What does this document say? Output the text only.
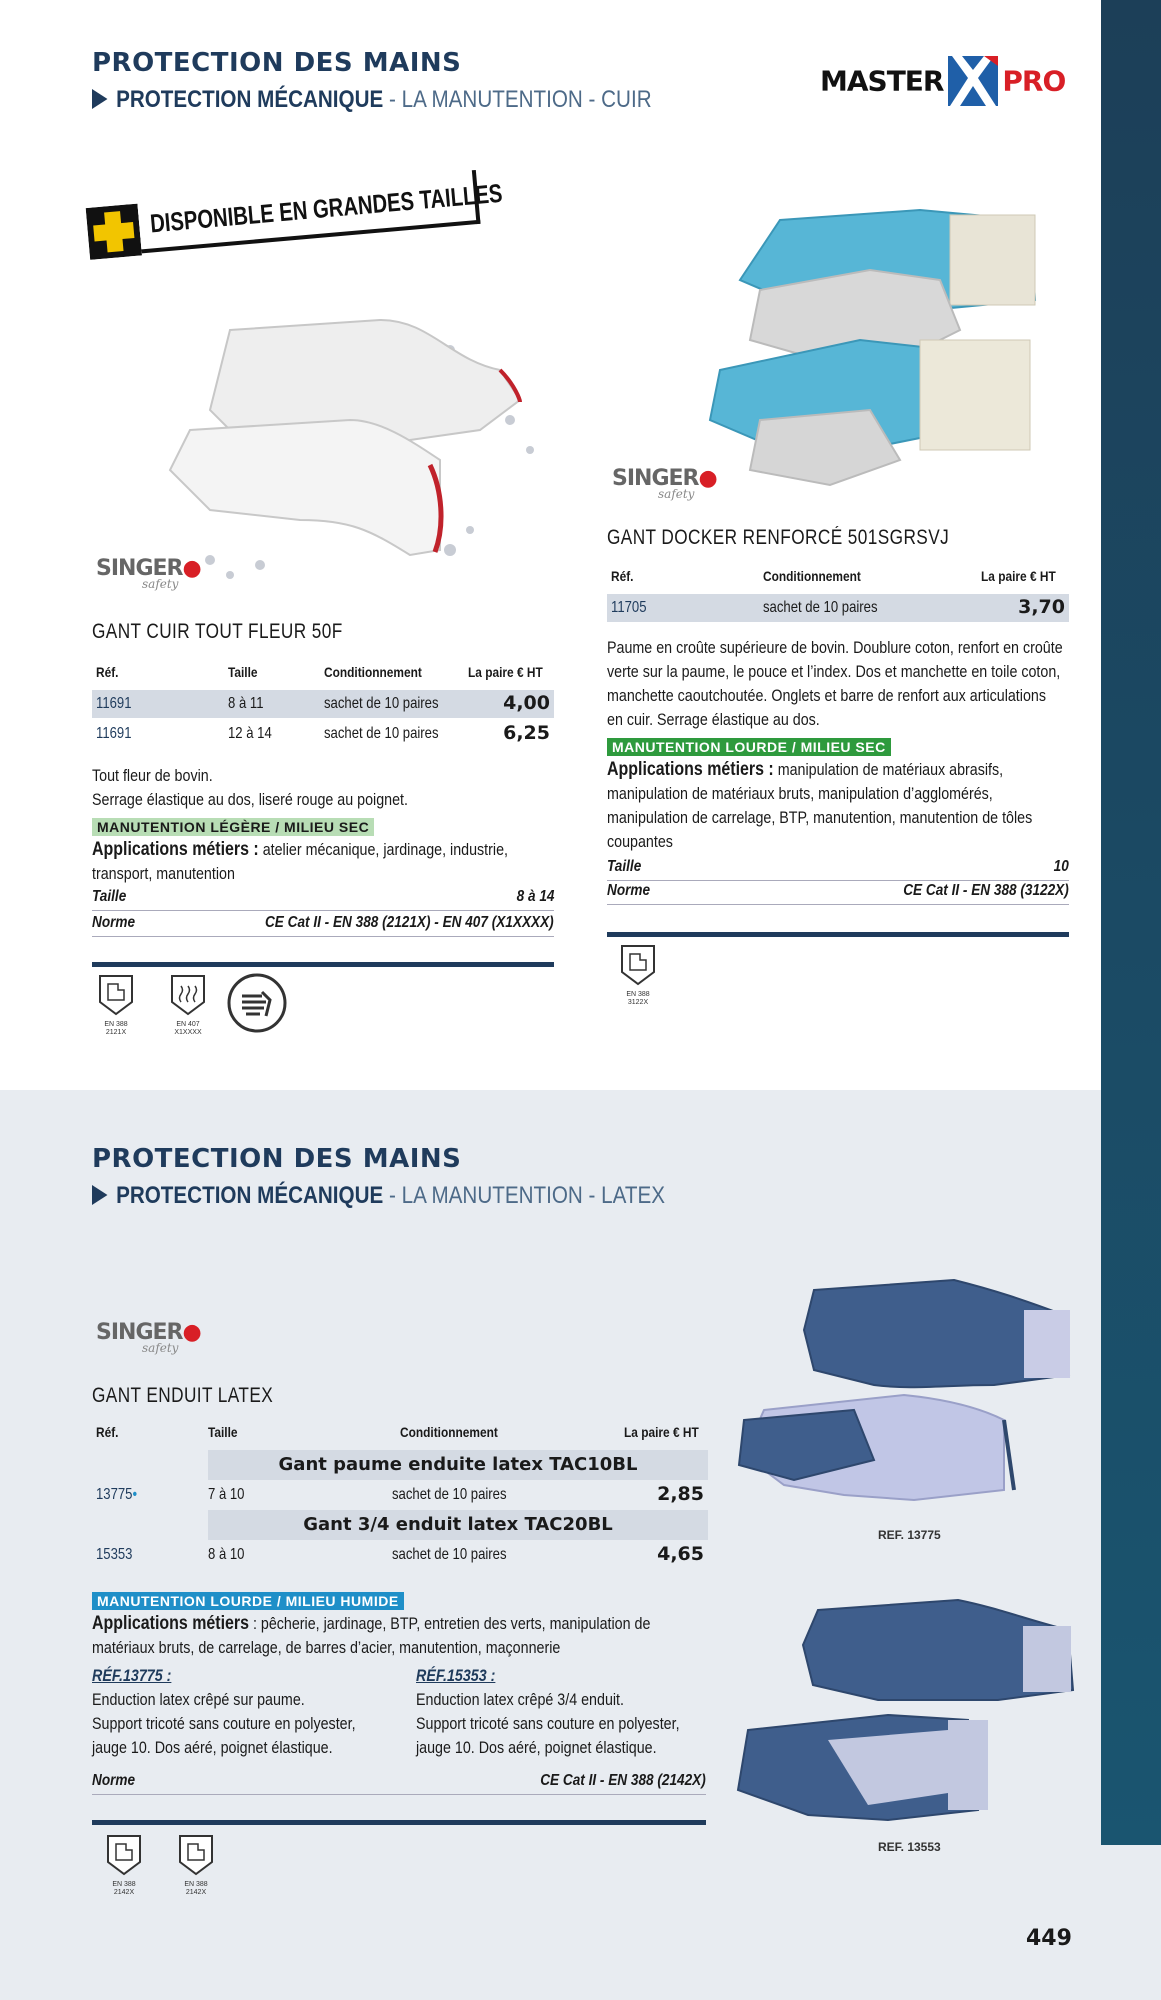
PROTECTION DES MAINS
PROTECTION MÉCANIQUE - LA MANUTENTION - CUIR
MASTER PRO
DISPONIBLE EN GRANDES TAILLES
SINGER●
safety
GANT CUIR TOUT FLEUR 50F
Réf.	Taille	Conditionnement	La paire € HT
11691	8 à 11	sachet de 10 paires	4,00
11691	12 à 14	sachet de 10 paires	6,25
Tout fleur de bovin.
Serrage élastique au dos, liseré rouge au poignet.
MANUTENTION LÉGÈRE / MILIEU SEC
Applications métiers : atelier mécanique, jardinage, industrie, transport, manutention
Taille	8 à 14
Norme	CE Cat II - EN 388 (2121X) - EN 407 (X1XXXX)
EN 388
2121X
EN 407
X1XXXX
SINGER●
safety
GANT DOCKER RENFORCÉ 501SGRSVJ
Réf.	Conditionnement	La paire € HT
11705	sachet de 10 paires	3,70
Paume en croûte supérieure de bovin. Doublure coton, renfort en croûte verte sur la paume, le pouce et l’index. Dos et manchette en toile coton, manchette caoutchoutée. Onglets et barre de renfort aux articulations en cuir. Serrage élastique au dos.
MANUTENTION LOURDE / MILIEU SEC
Applications métiers : manipulation de matériaux abrasifs, manipulation de matériaux bruts, manipulation d’agglomérés, manipulation de carrelage, BTP, manutention, manutention de tôles coupantes
Taille	10
Norme	CE Cat II - EN 388 (3122X)
EN 388
3122X
PROTECTION DES MAINS
PROTECTION MÉCANIQUE - LA MANUTENTION - LATEX
SINGER●
safety
GANT ENDUIT LATEX
Réf.	Taille	Conditionnement	La paire € HT
Gant paume enduite latex TAC10BL
13775•	7 à 10	sachet de 10 paires	2,85
Gant 3/4 enduit latex TAC20BL
15353	8 à 10	sachet de 10 paires	4,65
MANUTENTION LOURDE / MILIEU HUMIDE
Applications métiers : pêcherie, jardinage, BTP, entretien des verts, manipulation de matériaux bruts, de carrelage, de barres d’acier, manutention, maçonnerie
RÉF.13775 :
Enduction latex crêpé sur paume.
Support tricoté sans couture en polyester,
jauge 10. Dos aéré, poignet élastique.
RÉF.15353 :
Enduction latex crêpé 3/4 enduit.
Support tricoté sans couture en polyester,
jauge 10. Dos aéré, poignet élastique.
Norme	CE Cat II - EN 388 (2142X)
EN 388
2142X
EN 388
2142X
REF. 13775
REF. 13553
449
